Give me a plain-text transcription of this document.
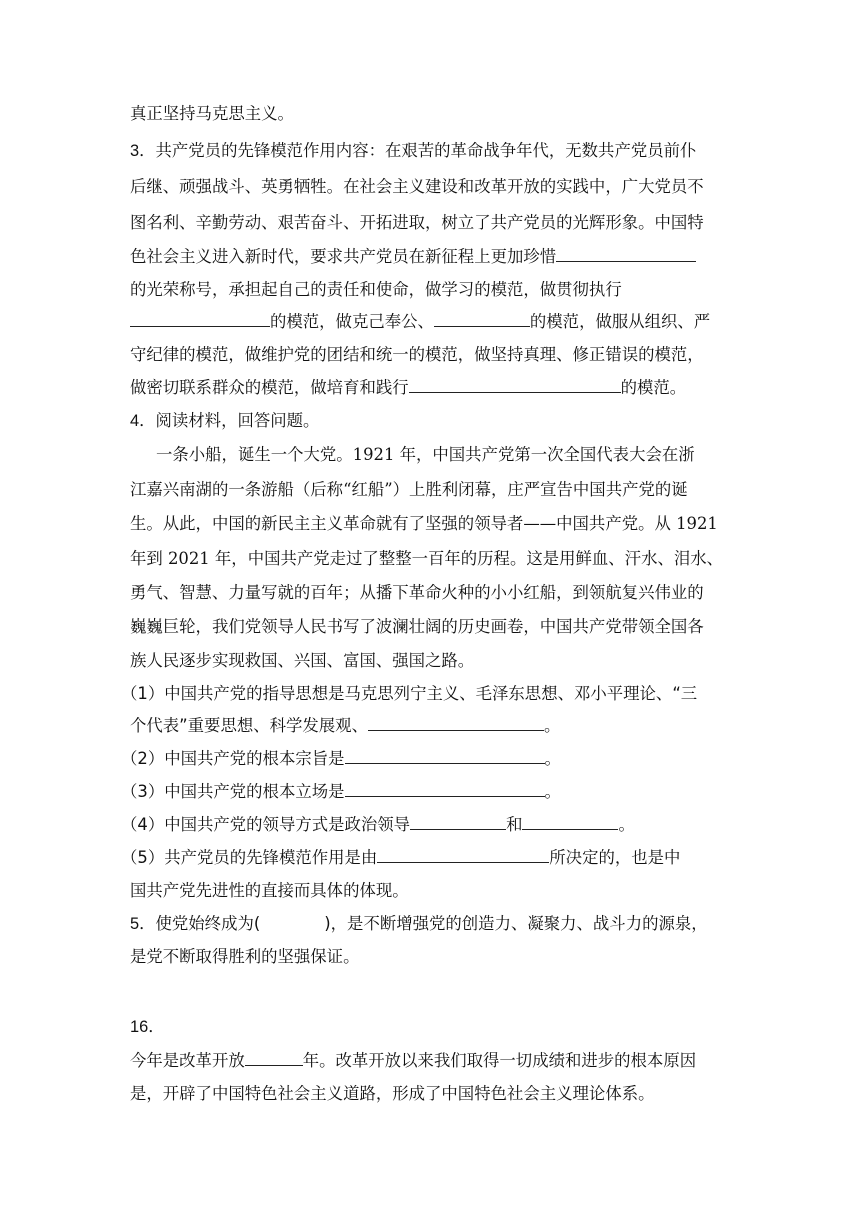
真正坚持马克思主义。
3．共产党员的先锋模范作用内容：在艰苦的革命战争年代，无数共产党员前仆
后继、顽强战斗、英勇牺牲。在社会主义建设和改革开放的实践中，广大党员不
图名利、辛勤劳动、艰苦奋斗、开拓进取，树立了共产党员的光辉形象。中国特
色社会主义进入新时代，要求共产党员在新征程上更加珍惜
的光荣称号，承担起自己的责任和使命，做学习的模范，做贯彻执行
的模范，做克己奉公、	的模范，做服从组织、严
守纪律的模范，做维护党的团结和统一的模范，做坚持真理、修正错误的模范，
做密切联系群众的模范，做培育和践行	的模范。
4．阅读材料，回答问题。
一条小船，诞生一个大党。1921 年，中国共产党第一次全国代表大会在浙
江嘉兴南湖的一条游船（后称“红船”）上胜利闭幕，庄严宣告中国共产党的诞
生。从此，中国的新民主主义革命就有了坚强的领导者——中国共产党。从 1921
年到 2021 年，中国共产党走过了整整一百年的历程。这是用鲜血、汗水、泪水、
勇气、智慧、力量写就的百年；从播下革命火种的小小红船，到领航复兴伟业的
巍巍巨轮，我们党领导人民书写了波澜壮阔的历史画卷，中国共产党带领全国各
族人民逐步实现救国、兴国、富国、强国之路。
（1）中国共产党的指导思想是马克思列宁主义、毛泽东思想、邓小平理论、“三
个代表”重要思想、科学发展观、	。
（2）中国共产党的根本宗旨是	。
（3）中国共产党的根本立场是	。
（4）中国共产党的领导方式是政治领导	和	。
（5）共产党员的先锋模范作用是由	所决定的，也是中
国共产党先进性的直接而具体的体现。
5．使党始终成为(	)，是不断增强党的创造力、凝聚力、战斗力的源泉，
是党不断取得胜利的坚强保证。
16．
今年是改革开放	年。改革开放以来我们取得一切成绩和进步的根本原因
是，开辟了中国特色社会主义道路，形成了中国特色社会主义理论体系。
